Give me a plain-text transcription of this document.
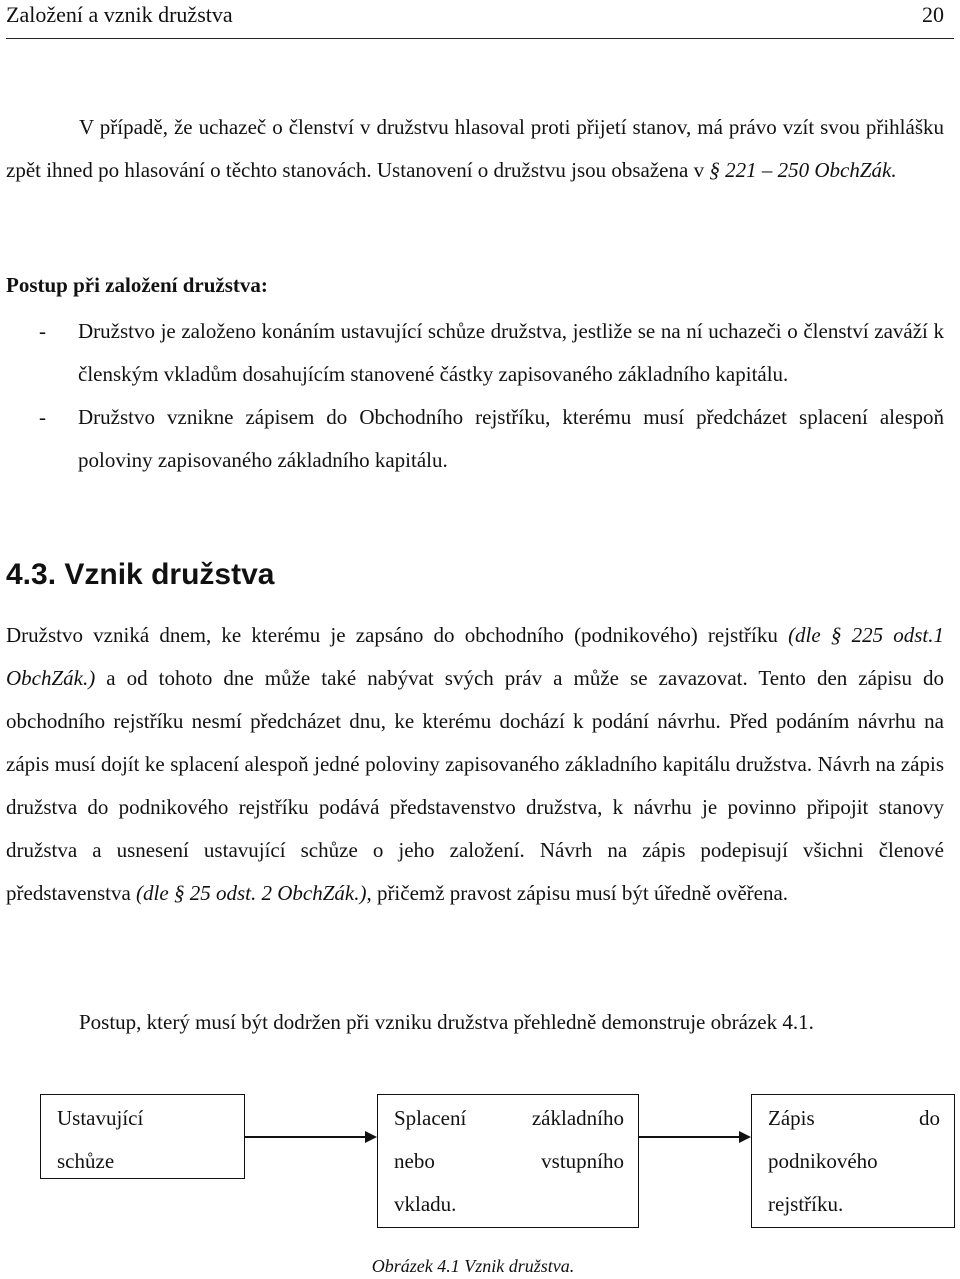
Založení a vznik družstva	20

V případě, že uchazeč o členství v družstvu hlasoval proti přijetí stanov, má právo vzít svou přihlášku zpět ihned po hlasování o těchto stanovách. Ustanovení o družstvu jsou obsažena v § 221 – 250 ObchZák.

Postup při založení družstva:

- Družstvo je založeno konáním ustavující schůze družstva, jestliže se na ní uchazeči o členství zaváží k členským vkladům dosahujícím stanovené částky zapisovaného základního kapitálu.
- Družstvo vznikne zápisem do Obchodního rejstříku, kterému musí předcházet splacení alespoň poloviny zapisovaného základního kapitálu.
4.3. Vznik družstva

Družstvo vzniká dnem, ke kterému je zapsáno do obchodního (podnikového) rejstříku (dle § 225 odst.1 ObchZák.) a od tohoto dne může také nabývat svých práv a může se zavazovat. Tento den zápisu do obchodního rejstříku nesmí předcházet dnu, ke kterému dochází k podání návrhu. Před podáním návrhu na zápis musí dojít ke splacení alespoň jedné poloviny zapisovaného základního kapitálu družstva. Návrh na zápis družstva do podnikového rejstříku podává představenstvo družstva, k návrhu je povinno připojit stanovy družstva a usnesení ustavující schůze o jeho založení. Návrh na zápis podepisují všichni členové představenstva (dle § 25 odst. 2 ObchZák.), přičemž pravost zápisu musí být úředně ověřena.

Postup, který musí být dodržen při vzniku družstva přehledně demonstruje obrázek 4.1.

Ustavující
schůze
Splacení základního
nebo vstupního
vkladu.
Zápis do
podnikového
rejstříku.
Obrázek 4.1 Vznik družstva.
